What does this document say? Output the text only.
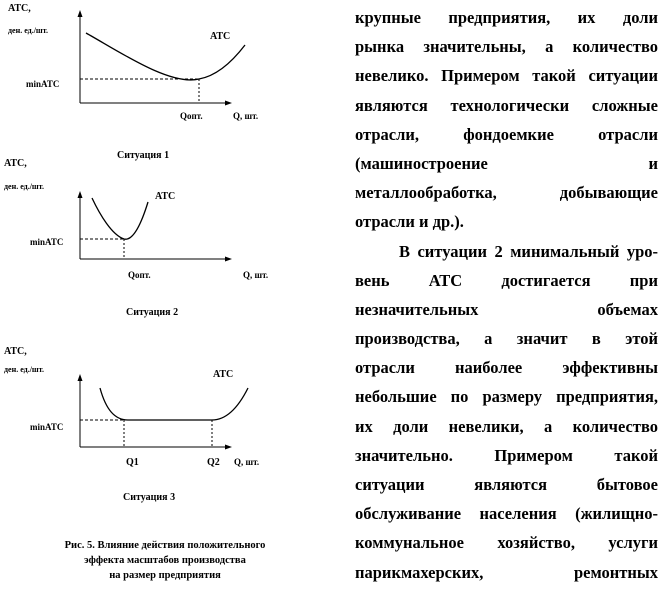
АТС,
ден. ед./шт.
АТС
minATC
Qопт.	Q, шт.
Ситуация 1
АТС,
ден. ед./шт.
АТС
minATC
Qопт.	Q, шт.
Ситуация 2
АТС,
ден. ед./шт.	АТС
minATC
Q1	Q2 Q, шт.
Ситуация 3
Рис. 5. Влияние действия положительного
эффекта масштабов производства
на размер предприятия
крупные предприятия, их доли
рынка значительны, а количество
невелико. Примером такой ситуации
являются технологически сложные
отрасли, фондоемкие отрасли
(машиностроение и
металлообработка, добывающие
отрасли и др.).
В ситуации 2 минимальный уро-
вень АТС достигается при
незначительных объемах
производства, а значит в этой
отрасли наиболее эффективны
небольшие по размеру предприятия,
их доли невелики, а количество
значительно. Примером такой
ситуации являются бытовое
обслуживание населения (жилищно-
коммунальное хозяйство, услуги
парикмахерских, ремонтных
